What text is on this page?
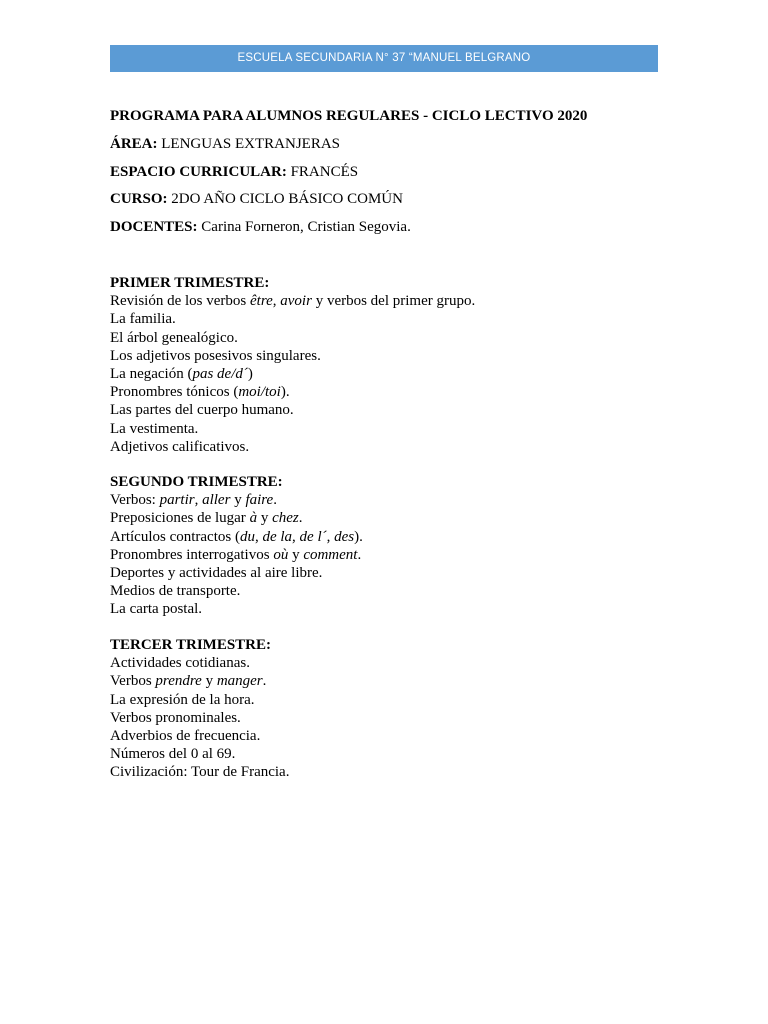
ESCUELA SECUNDARIA N° 37 “MANUEL BELGRANO
PROGRAMA PARA ALUMNOS REGULARES - CICLO LECTIVO 2020
ÁREA: LENGUAS EXTRANJERAS
ESPACIO CURRICULAR: FRANCÉS
CURSO: 2DO AÑO CICLO BÁSICO COMÚN
DOCENTES: Carina Forneron, Cristian Segovia.
PRIMER TRIMESTRE:
Revisión de los verbos être, avoir y verbos del primer grupo.
La familia.
El árbol genealógico.
Los adjetivos posesivos singulares.
La negación (pas de/d´)
Pronombres tónicos (moi/toi).
Las partes del cuerpo humano.
La vestimenta.
Adjetivos calificativos.
SEGUNDO TRIMESTRE:
Verbos: partir, aller y faire.
Preposiciones de lugar à y chez.
Artículos contractos (du, de la, de l´, des).
Pronombres interrogativos où y comment.
Deportes y actividades al aire libre.
Medios de transporte.
La carta postal.
TERCER TRIMESTRE:
Actividades cotidianas.
Verbos prendre y manger.
La expresión de la hora.
Verbos pronominales.
Adverbios de frecuencia.
Números del 0 al 69.
Civilización: Tour de Francia.
